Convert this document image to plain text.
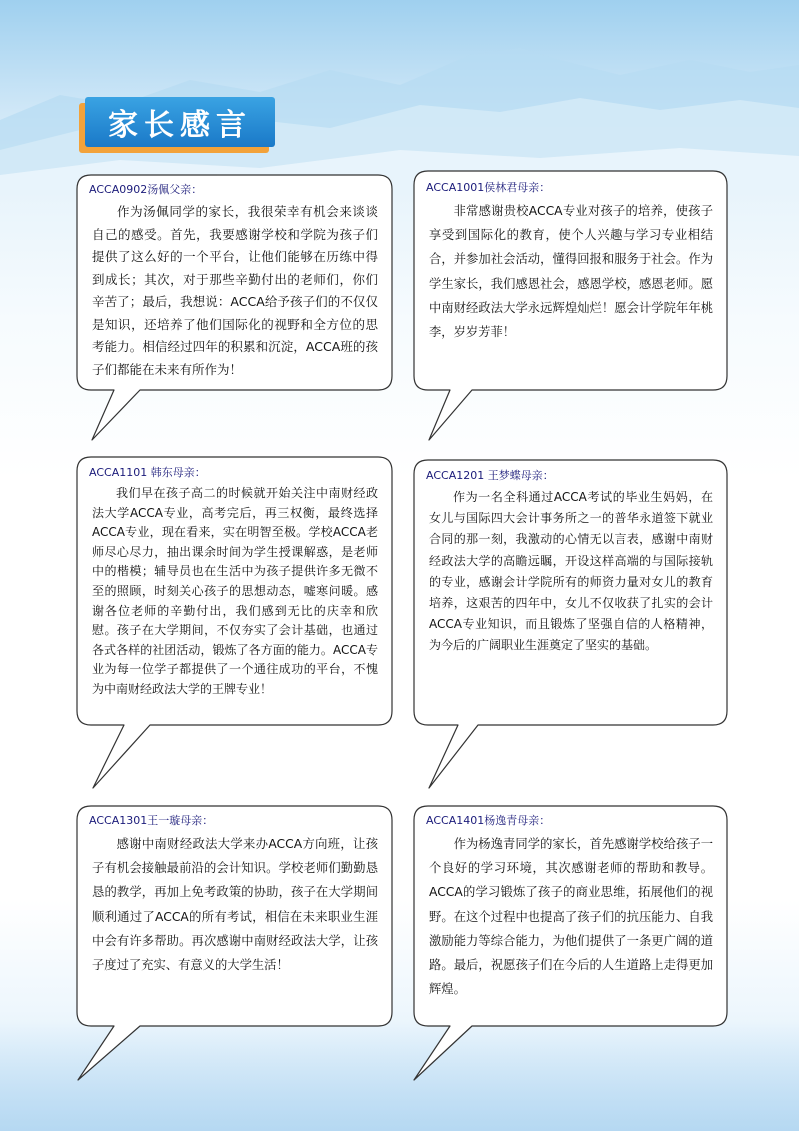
家长感言
ACCA0902汤佩父亲：

作为汤佩同学的家长，我很荣幸有机会来谈谈自己的感受。首先，我要感谢学校和学院为孩子们提供了这么好的一个平台，让他们能够在历练中得到成长；其次，对于那些辛勤付出的老师们，你们辛苦了；最后，我想说：ACCA给予孩子们的不仅仅是知识，还培养了他们国际化的视野和全方位的思考能力。相信经过四年的积累和沉淀，ACCA班的孩子们都能在未来有所作为！

ACCA1001侯林君母亲：

非常感谢贵校ACCA专业对孩子的培养，使孩子享受到国际化的教育，使个人兴趣与学习专业相结合，并参加社会活动，懂得回报和服务于社会。作为学生家长，我们感恩社会，感恩学校，感恩老师。愿中南财经政法大学永远辉煌灿烂！愿会计学院年年桃李，岁岁芳菲！

ACCA1101 韩东母亲：

我们早在孩子高二的时候就开始关注中南财经政法大学ACCA专业，高考完后，再三权衡，最终选择ACCA专业，现在看来，实在明智至极。学校ACCA老师尽心尽力，抽出课余时间为学生授课解惑，是老师中的楷模；辅导员也在生活中为孩子提供许多无微不至的照顾，时刻关心孩子的思想动态，嘘寒问暖。感谢各位老师的辛勤付出，我们感到无比的庆幸和欣慰。孩子在大学期间，不仅夯实了会计基础，也通过各式各样的社团活动，锻炼了各方面的能力。ACCA专业为每一位学子都提供了一个通往成功的平台，不愧为中南财经政法大学的王牌专业！

ACCA1201 王梦蝶母亲：

作为一名全科通过ACCA考试的毕业生妈妈，在女儿与国际四大会计事务所之一的普华永道签下就业合同的那一刻，我激动的心情无以言表，感谢中南财经政法大学的高瞻远瞩，开设这样高端的与国际接轨的专业，感谢会计学院所有的师资力量对女儿的教育培养，这艰苦的四年中，女儿不仅收获了扎实的会计ACCA专业知识，而且锻炼了坚强自信的人格精神，为今后的广阔职业生涯奠定了坚实的基础。

ACCA1301王一璇母亲：

感谢中南财经政法大学来办ACCA方向班，让孩子有机会接触最前沿的会计知识。学校老师们勤勤恳恳的教学，再加上免考政策的协助，孩子在大学期间顺利通过了ACCA的所有考试，相信在未来职业生涯中会有许多帮助。再次感谢中南财经政法大学，让孩子度过了充实、有意义的大学生活！

ACCA1401杨逸青母亲：

作为杨逸青同学的家长，首先感谢学校给孩子一个良好的学习环境，其次感谢老师的帮助和教导。ACCA的学习锻炼了孩子的商业思维，拓展他们的视野。在这个过程中也提高了孩子们的抗压能力、自我激励能力等综合能力，为他们提供了一条更广阔的道路。最后，祝愿孩子们在今后的人生道路上走得更加辉煌。
